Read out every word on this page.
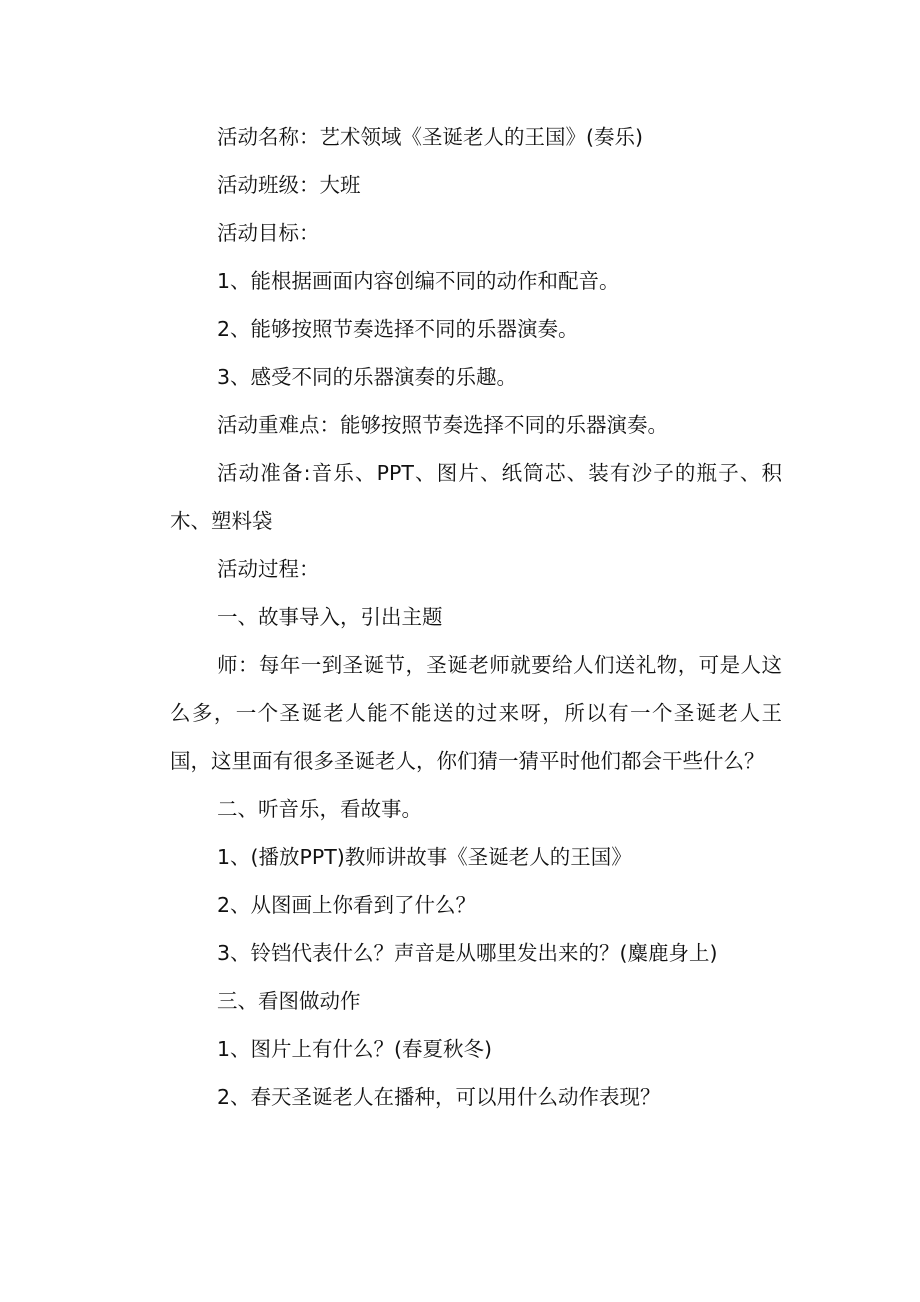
活动名称：艺术领域《圣诞老人的王国》(奏乐)

活动班级：大班

活动目标：

1、能根据画面内容创编不同的动作和配音。

2、能够按照节奏选择不同的乐器演奏。

3、感受不同的乐器演奏的乐趣。

活动重难点：能够按照节奏选择不同的乐器演奏。

活动准备:音乐、PPT、图片、纸筒芯、装有沙子的瓶子、积木、塑料袋

活动过程：

一、故事导入，引出主题

师：每年一到圣诞节，圣诞老师就要给人们送礼物，可是人这么多，一个圣诞老人能不能送的过来呀，所以有一个圣诞老人王国，这里面有很多圣诞老人，你们猜一猜平时他们都会干些什么？

二、听音乐，看故事。

1、(播放PPT)教师讲故事《圣诞老人的王国》

2、从图画上你看到了什么？

3、铃铛代表什么？声音是从哪里发出来的？(麋鹿身上)

三、看图做动作

1、图片上有什么？(春夏秋冬)

2、春天圣诞老人在播种，可以用什么动作表现？
